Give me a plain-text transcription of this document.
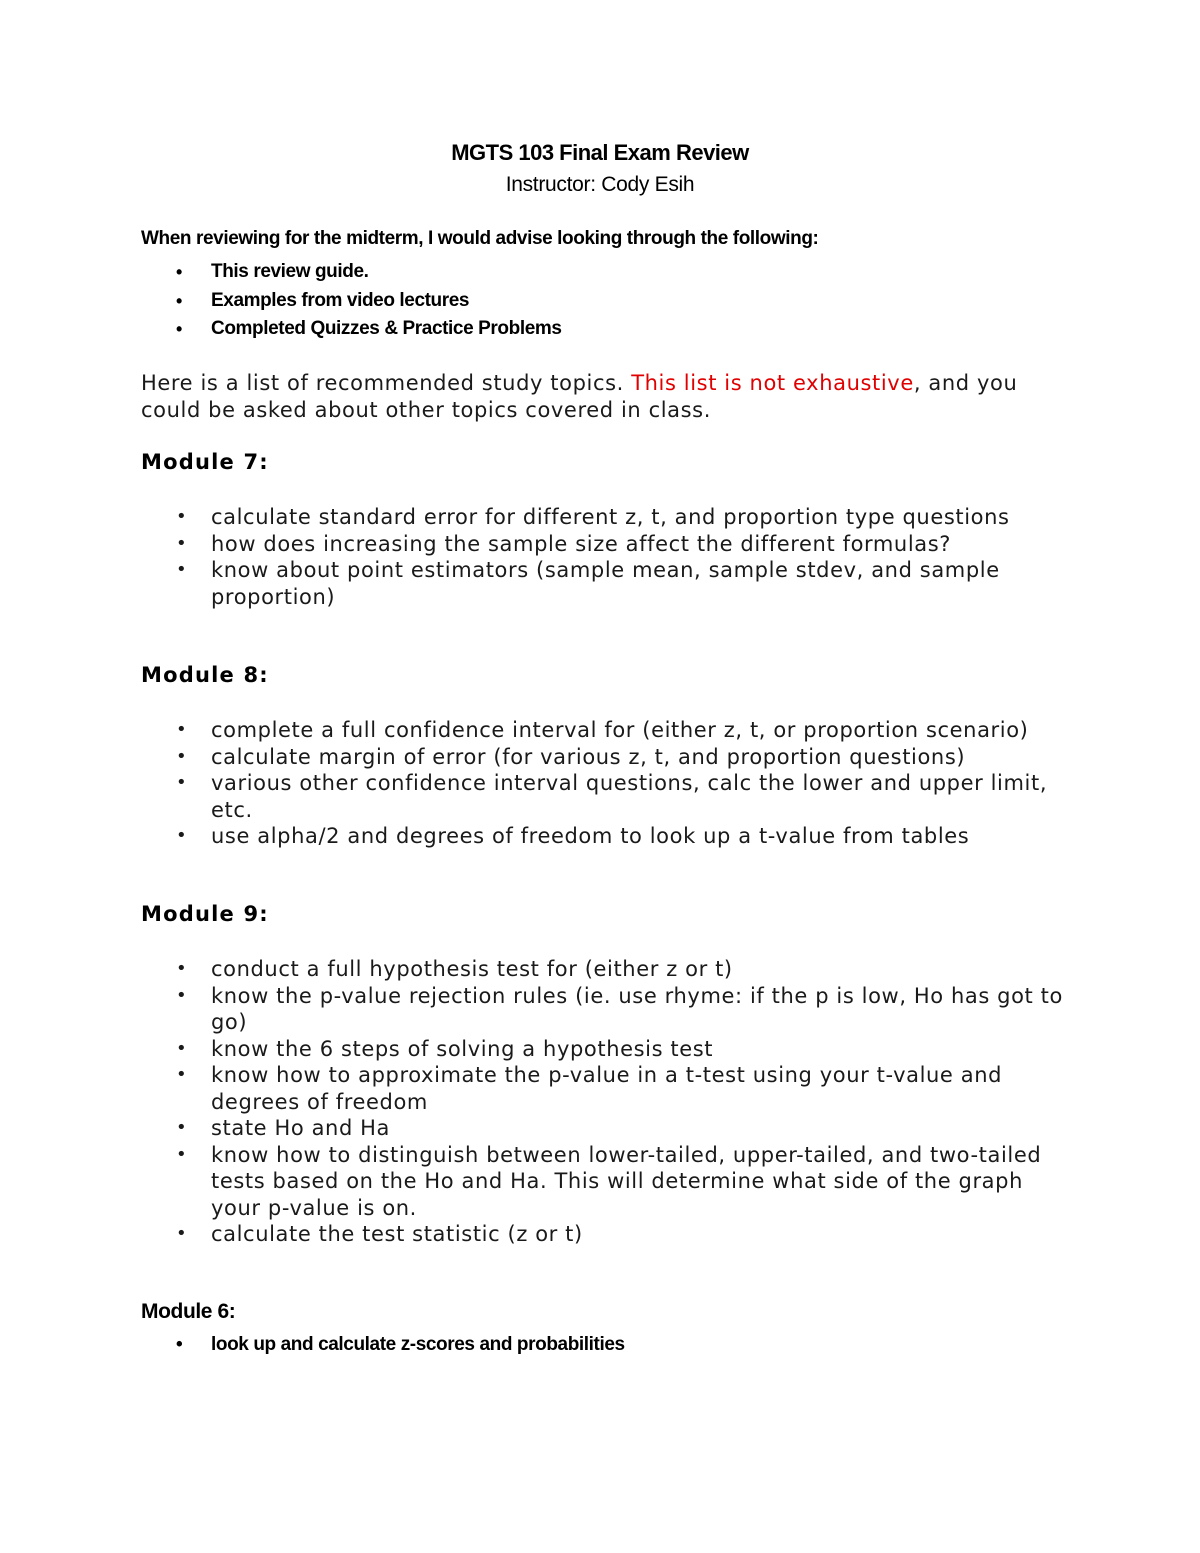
MGTS 103 Final Exam Review
Instructor: Cody Esih
When reviewing for the midterm, I would advise looking through the following:
• This review guide.
• Examples from video lectures
• Completed Quizzes & Practice Problems
Here is a list of recommended study topics. This list is not exhaustive, and you could be asked about other topics covered in class.
Module 7:
• calculate standard error for different z, t, and proportion type questions
• how does increasing the sample size affect the different formulas?
• know about point estimators (sample mean, sample stdev, and sample proportion)
Module 8:
• complete a full confidence interval for (either z, t, or proportion scenario)
• calculate margin of error (for various z, t, and proportion questions)
• various other confidence interval questions, calc the lower and upper limit, etc.
• use alpha/2 and degrees of freedom to look up a t-value from tables
Module 9:
• conduct a full hypothesis test for (either z or t)
• know the p-value rejection rules (ie. use rhyme: if the p is low, Ho has got to go)
• know the 6 steps of solving a hypothesis test
• know how to approximate the p-value in a t-test using your t-value and degrees of freedom
• state Ho and Ha
• know how to distinguish between lower-tailed, upper-tailed, and two-tailed tests based on the Ho and Ha. This will determine what side of the graph your p-value is on.
• calculate the test statistic (z or t)
Module 6:
• look up and calculate z-scores and probabilities
